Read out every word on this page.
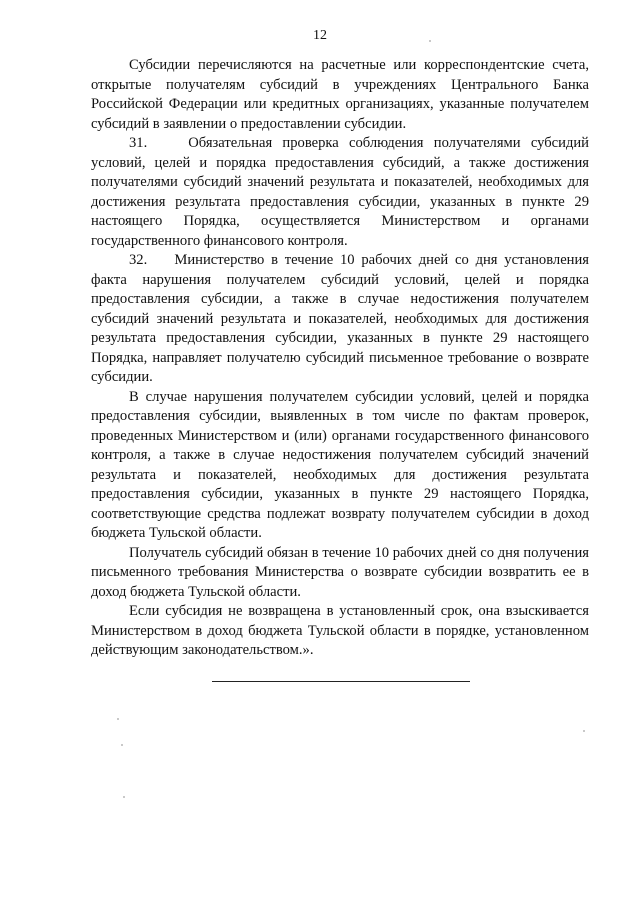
12

Субсидии перечисляются на расчетные или корреспондентские счета, открытые получателям субсидий в учреждениях Центрального Банка Российской Федерации или кредитных организациях, указанные получателем субсидий в заявлении о предоставлении субсидии.

31.    Обязательная проверка соблюдения получателями субсидий условий, целей и порядка предоставления субсидий, а также достижения получателями субсидий значений результата и показателей, необходимых для достижения результата предоставления субсидии, указанных в пункте 29 настоящего Порядка, осуществляется Министерством и органами государственного финансового контроля.

32.    Министерство в течение 10 рабочих дней со дня установления факта нарушения получателем субсидий условий, целей и порядка предоставления субсидии, а также в случае недостижения получателем субсидий значений результата и показателей, необходимых для достижения результата предоставления субсидии, указанных в пункте 29 настоящего Порядка, направляет получателю субсидий письменное требование о возврате субсидии.

В случае нарушения получателем субсидии условий, целей и порядка предоставления субсидии, выявленных в том числе по фактам проверок, проведенных Министерством и (или) органами государственного финансового контроля, а также в случае недостижения получателем субсидий значений результата и показателей, необходимых для достижения результата предоставления субсидии, указанных в пункте 29 настоящего Порядка, соответствующие средства подлежат возврату получателем субсидии в доход бюджета Тульской области.

Получатель субсидий обязан в течение 10 рабочих дней со дня получения письменного требования Министерства о возврате субсидии возвратить ее в доход бюджета Тульской области.

Если субсидия не возвращена в установленный срок, она взыскивается Министерством в доход бюджета Тульской области в порядке, установленном действующим законодательством.».
